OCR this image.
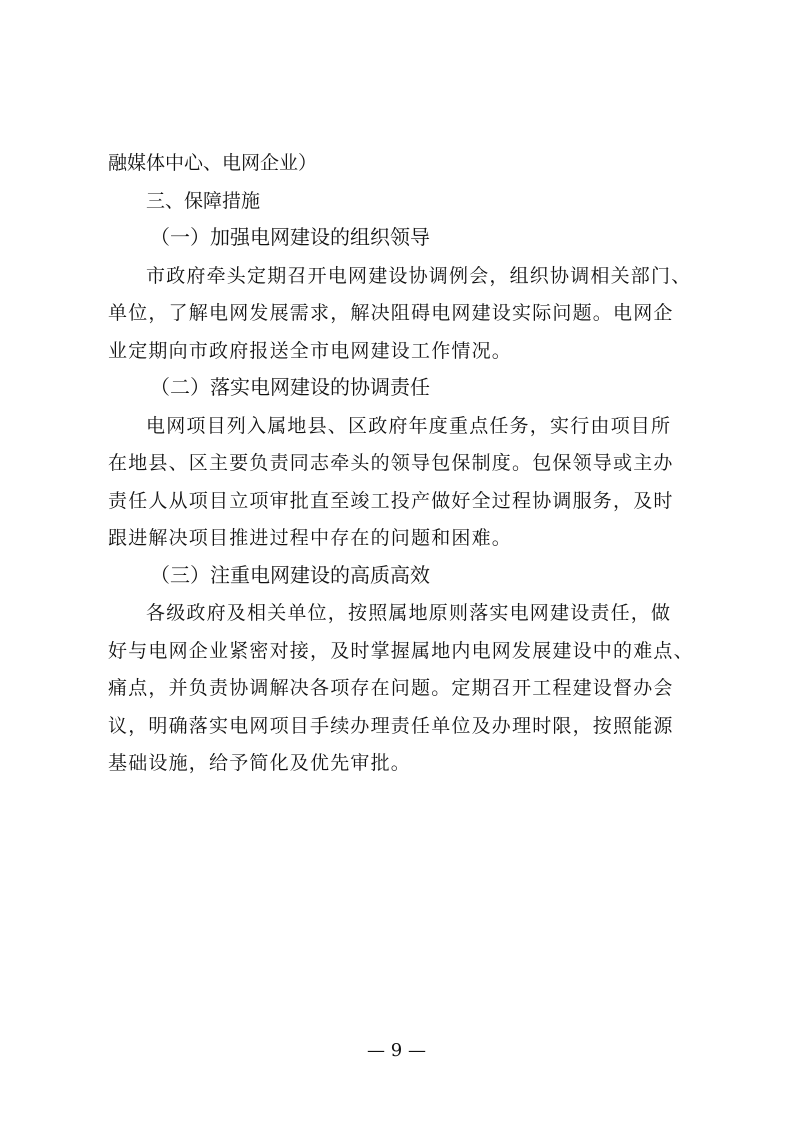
融媒体中心、电网企业）

三、保障措施

（一）加强电网建设的组织领导

市政府牵头定期召开电网建设协调例会，组织协调相关部门、

单位，了解电网发展需求，解决阻碍电网建设实际问题。电网企

业定期向市政府报送全市电网建设工作情况。

（二）落实电网建设的协调责任

电网项目列入属地县、区政府年度重点任务，实行由项目所

在地县、区主要负责同志牵头的领导包保制度。包保领导或主办

责任人从项目立项审批直至竣工投产做好全过程协调服务，及时

跟进解决项目推进过程中存在的问题和困难。

（三）注重电网建设的高质高效

各级政府及相关单位，按照属地原则落实电网建设责任，做

好与电网企业紧密对接，及时掌握属地内电网发展建设中的难点、

痛点，并负责协调解决各项存在问题。定期召开工程建设督办会

议，明确落实电网项目手续办理责任单位及办理时限，按照能源

基础设施，给予简化及优先审批。

— 9 —
